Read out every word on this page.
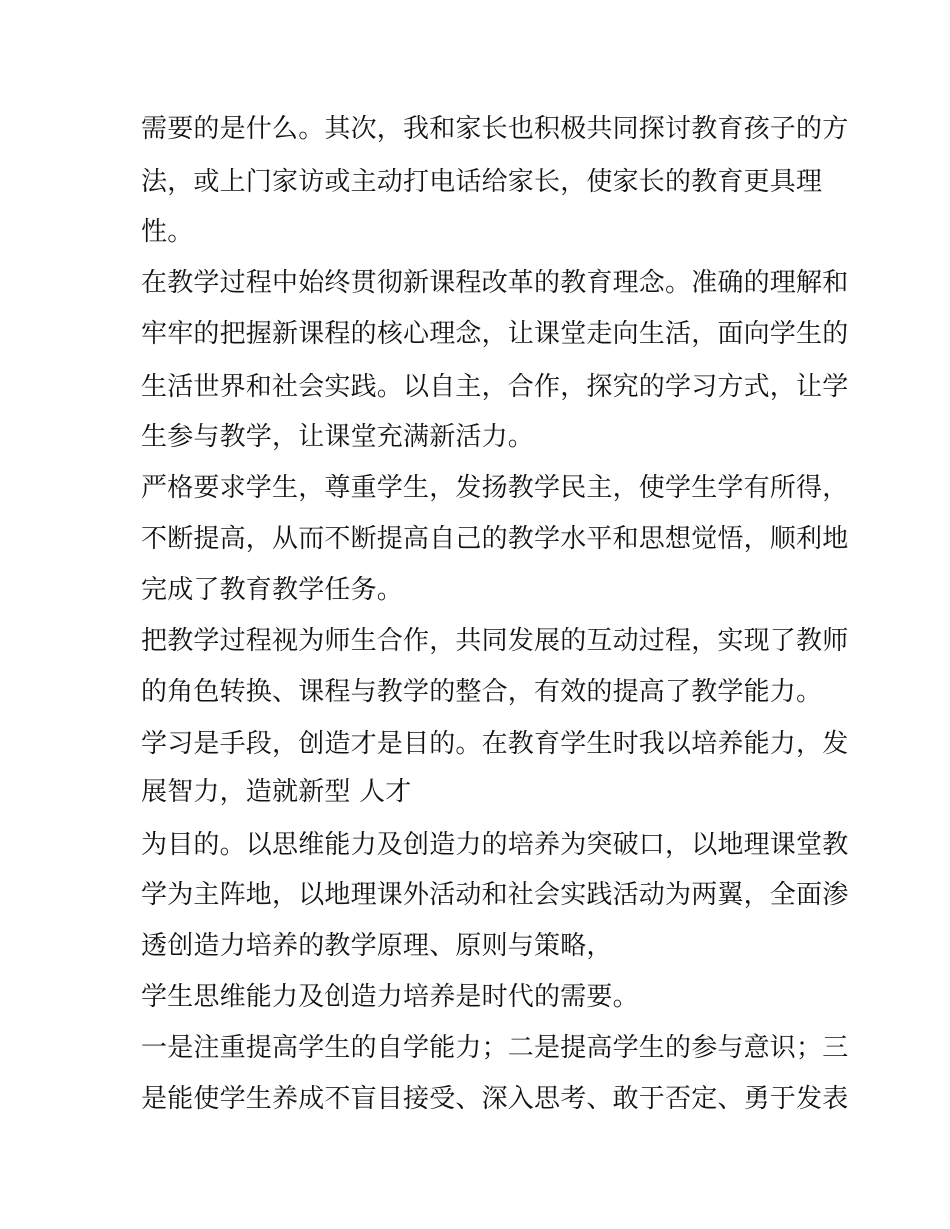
需要的是什么。其次，我和家长也积极共同探讨教育孩子的方
法，或上门家访或主动打电话给家长，使家长的教育更具理
性。
在教学过程中始终贯彻新课程改革的教育理念。准确的理解和
牢牢的把握新课程的核心理念，让课堂走向生活，面向学生的
生活世界和社会实践。以自主，合作，探究的学习方式，让学
生参与教学，让课堂充满新活力。
严格要求学生，尊重学生，发扬教学民主，使学生学有所得，
不断提高，从而不断提高自己的教学水平和思想觉悟，顺利地
完成了教育教学任务。
把教学过程视为师生合作，共同发展的互动过程，实现了教师
的角色转换、课程与教学的整合，有效的提高了教学能力。
学习是手段，创造才是目的。在教育学生时我以培养能力，发
展智力，造就新型 人才
为目的。以思维能力及创造力的培养为突破口，以地理课堂教
学为主阵地，以地理课外活动和社会实践活动为两翼，全面渗
透创造力培养的教学原理、原则与策略，
学生思维能力及创造力培养是时代的需要。
一是注重提高学生的自学能力；二是提高学生的参与意识；三
是能使学生养成不盲目接受、深入思考、敢于否定、勇于发表
